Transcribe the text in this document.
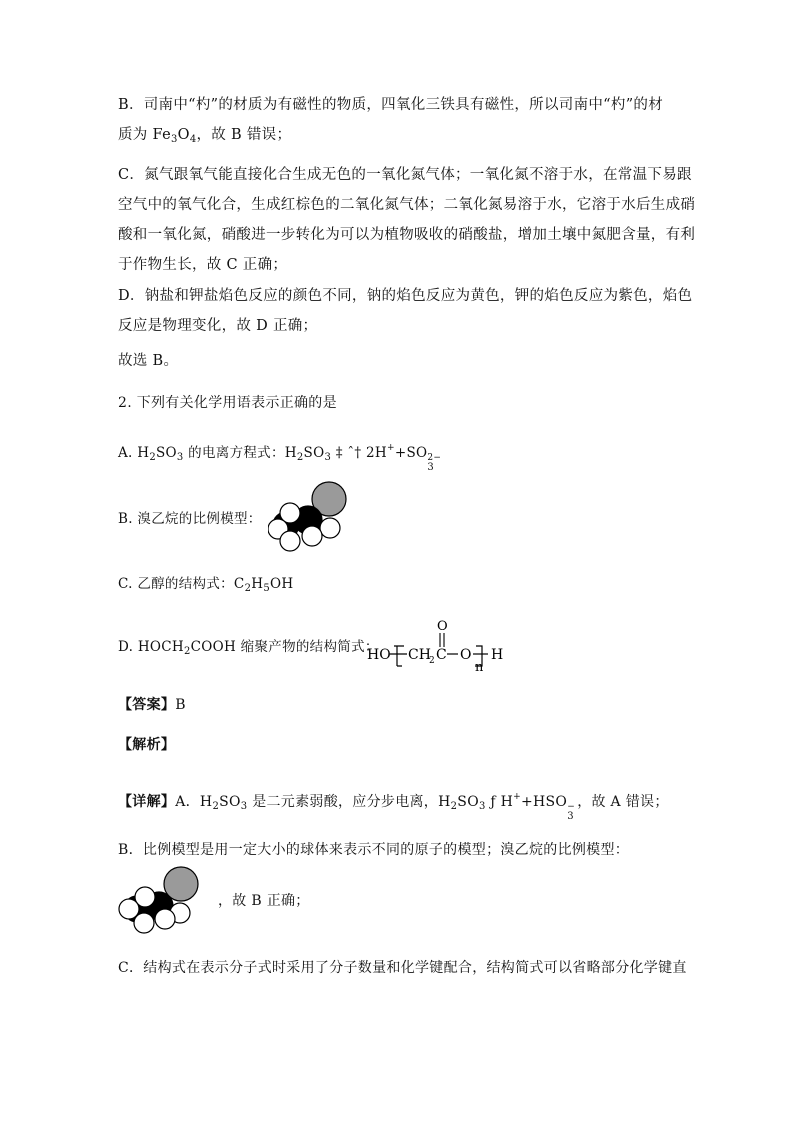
B．司南中“杓”的材质为有磁性的物质，四氧化三铁具有磁性，所以司南中“杓”的材
质为 $Fe_3O_4$，故 B 错误；
C．氮气跟氧气能直接化合生成无色的一氧化氮气体；一氧化氮不溶于水，在常温下易跟
空气中的氧气化合，生成红棕色的二氧化氮气体；二氧化氮易溶于水，它溶于水后生成硝
酸和一氧化氮，硝酸进一步转化为可以为植物吸收的硝酸盐，增加土壤中氮肥含量，有利
于作物生长，故 C 正确；
D．钠盐和钾盐焰色反应的颜色不同，钠的焰色反应为黄色，钾的焰色反应为紫色，焰色
反应是物理变化，故 D 正确；
故选 B。
2. 下列有关化学用语表示正确的是
A. $H_2SO_3$ 的电离方程式：$H_2SO_3$ ‡ ˆ† 2H++SO 2−
3
B. 溴乙烷的比例模型：
C. 乙醇的结构式：$C_2H_5OH$
D. $HOCH_2COOH$ 缩聚产物的结构简式：
HO CH
2 C
O
O
n
H
【答案】B
【解析】
【详解】A．$H_2SO_3$ 是二元素弱酸，应分步电离，$H_2SO_3$ ƒ H++HSO −
3
，故 A 错误；
B．比例模型是用一定大小的球体来表示不同的原子的模型；溴乙烷的比例模型：
，故 B 正确；
C．结构式在表示分子式时采用了分子数量和化学键配合，结构简式可以省略部分化学键直
